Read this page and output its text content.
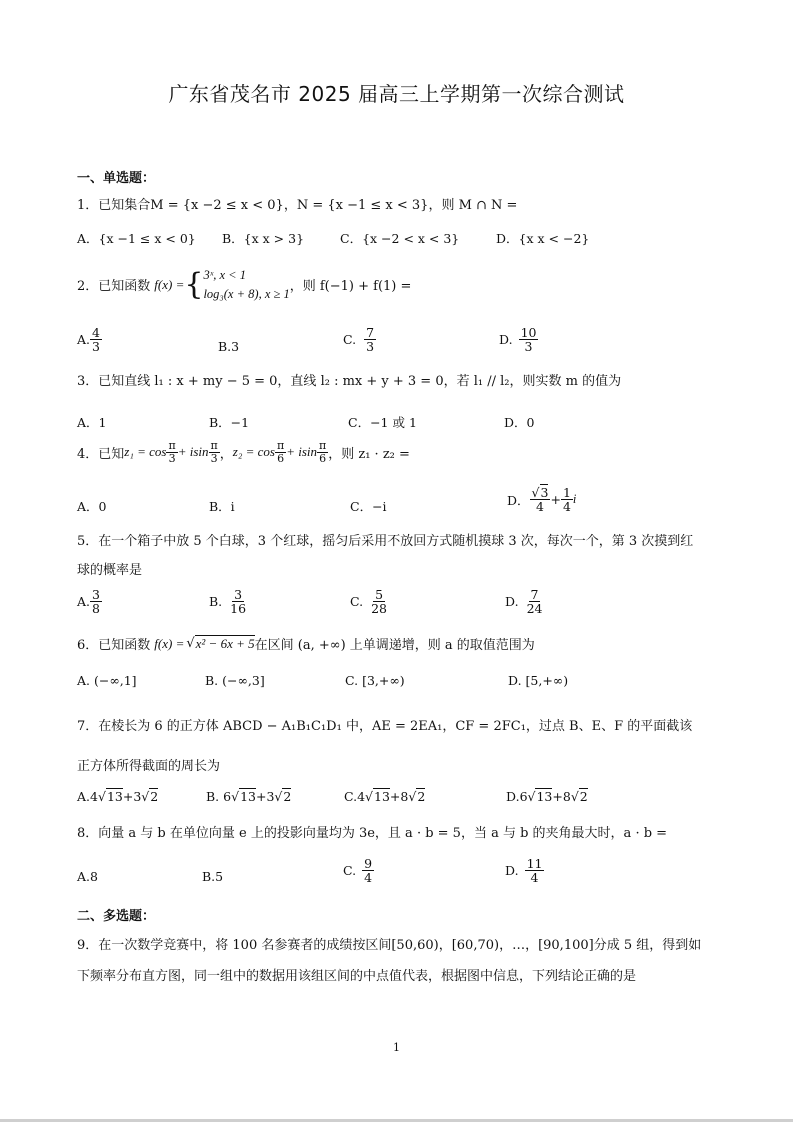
广东省茂名市 2025 届高三上学期第一次综合测试
一、单选题：
1．已知集合M = {x −2 ≤ x < 0}，N = {x −1 ≤ x < 3}，则 M ∩ N =
A．{x −1 ≤ x < 0} B．{x x > 3}	C．{x −2 < x < 3}	D．{x x < −2}
2．已知函数 f(x) = { 3ˣ, x < 1
log₃(x + 8), x ≥ 1 ，则 f(−1) + f(1) =
A. $\frac{4}{3}$	B.3	C. $\frac{7}{3}$	D. $\frac{10}{3}$
3．已知直线 l₁ : x + my − 5 = 0，直线 l₂ : mx + y + 3 = 0，若 l₁ // l₂，则实数 m 的值为
A．1	B．−1	C．−1 或 1	D．0
4．已知 $z_1 = \cos \frac{\pi}{3} + isin \frac{\pi}{3}$ ， $z_2 = \cos \frac{\pi}{6} + isin \frac{\pi}{6}$ ，则 z₁ · z₂ =
A．0	B．i	C．−i	D． $\frac{√3}{4} + \frac{1}{4}$ i
5．在一个箱子中放 5 个白球，3 个红球，摇匀后采用不放回方式随机摸球 3 次，每次一个，第 3 次摸到红
球的概率是
A. $\frac{3}{8}$	B. $\frac{3}{16}$	C. $\frac{5}{28}$	D. $\frac{7}{24}$
6．已知函数 f(x) = √ x² − 6x + 5 在区间 (a, +∞) 上单调递增，则 a 的取值范围为
A. (−∞,1]	B. (−∞,3]	C. [3,+∞)	D. [5,+∞)
7．在棱长为 6 的正方体 ABCD − A₁B₁C₁D₁ 中，AE = 2EA₁，CF = 2FC₁，过点 B、E、F 的平面截该
正方体所得截面的周长为
A.4√13+3√2	B. 6√13+3√2	C.4√13+8√2	D.6√13+8√2
8．向量 a 与 b 在单位向量 e 上的投影向量均为 3e，且 a · b = 5，当 a 与 b 的夹角最大时，a · b =
A.8	B.5	C. $\frac{9}{4}$	D. $\frac{11}{4}$
二、多选题：
9．在一次数学竞赛中，将 100 名参赛者的成绩按区间[50,60)，[60,70)，…，[90,100]分成 5 组，得到如
下频率分布直方图，同一组中的数据用该组区间的中点值代表，根据图中信息，下列结论正确的是
1
